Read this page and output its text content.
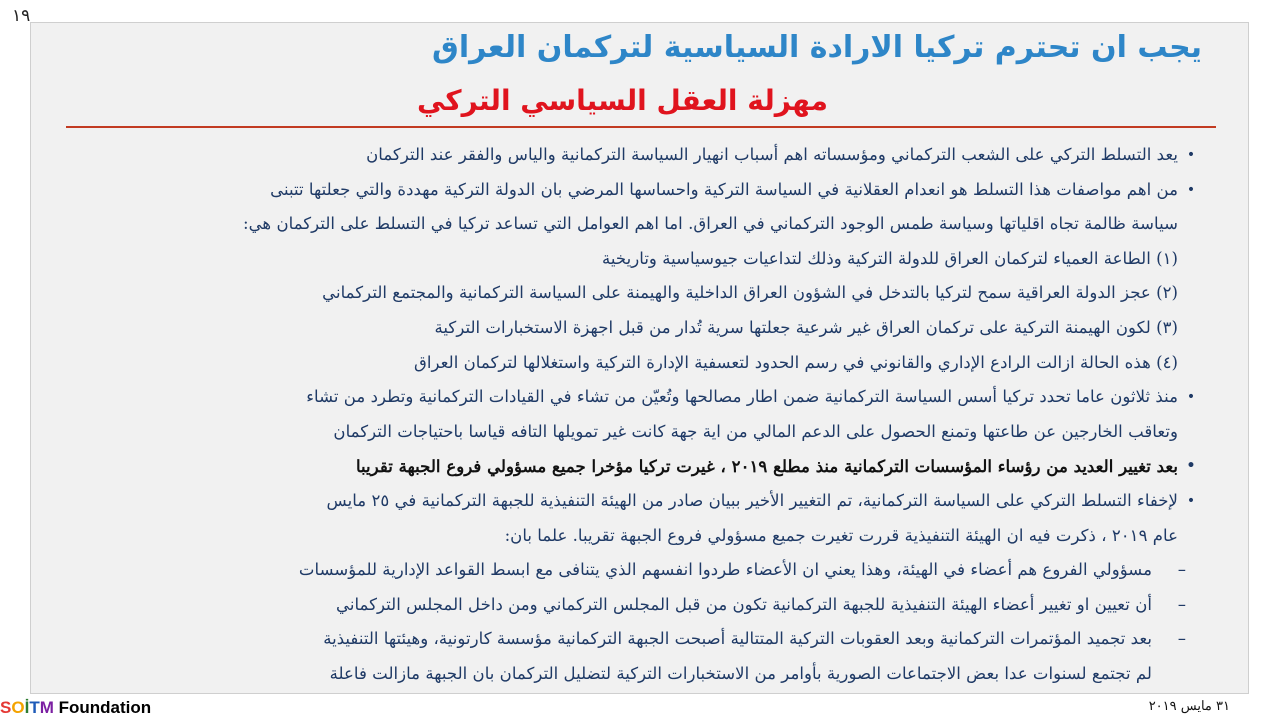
١٩
يجب ان تحترم تركيا الارادة السياسية لتركمان العراق
مهزلة العقل السياسي التركي
•
يعد التسلط التركي على الشعب التركماني ومؤسساته اهم أسباب انهيار السياسة التركمانية والياس والفقر عند التركمان
•
من اهم مواصفات هذا التسلط هو انعدام العقلانية في السياسة التركية واحساسها المرضي بان الدولة التركية مهددة والتي جعلتها تتبنى
سياسة ظالمة تجاه اقلياتها وسياسة طمس الوجود التركماني في العراق. اما اهم العوامل التي تساعد تركيا في التسلط على التركمان هي:
(١) الطاعة العمياء لتركمان العراق للدولة التركية وذلك لتداعيات جيوسياسية وتاريخية
(٢) عجز الدولة العراقية سمح لتركيا بالتدخل في الشؤون العراق الداخلية والهيمنة على السياسة التركمانية والمجتمع التركماني
(٣) لكون الهيمنة التركية على تركمان العراق غير شرعية جعلتها سرية تُدار من قبل اجهزة الاستخبارات التركية
(٤) هذه الحالة ازالت الرادع الإداري والقانوني في رسم الحدود لتعسفية الإدارة التركية واستغلالها لتركمان العراق
•
منذ ثلاثون عاما تحدد تركيا أسس السياسة التركمانية ضمن اطار مصالحها وتُعيّن من تشاء في القيادات التركمانية وتطرد من تشاء
وتعاقب الخارجين عن طاعتها وتمنع الحصول على الدعم المالي من اية جهة كانت غير تمويلها التافه قياسا باحتياجات التركمان
•
بعد تغيير العديد من رؤساء المؤسسات التركمانية منذ مطلع ٢٠١٩ ، غيرت تركيا مؤخرا جميع مسؤولي فروع الجبهة تقريبا
•
لإخفاء التسلط التركي على السياسة التركمانية، تم التغيير الأخير ببيان صادر من الهيئة التنفيذية للجبهة التركمانية في ٢٥ مايس
عام ٢٠١٩ ، ذكرت فيه ان الهيئة التنفيذية قررت تغيرت جميع مسؤولي فروع الجبهة تقريبا. علما بان:
–
مسؤولي الفروع هم أعضاء في الهيئة، وهذا يعني ان الأعضاء طردوا انفسهم الذي يتنافى مع ابسط القواعد الإدارية للمؤسسات
–
أن تعيين او تغيير أعضاء الهيئة التنفيذية للجبهة التركمانية تكون من قبل المجلس التركماني ومن داخل المجلس التركماني
–
بعد تجميد المؤتمرات التركمانية وبعد العقوبات التركية المتتالية أصبحت الجبهة التركمانية مؤسسة كارتونية، وهيئتها التنفيذية
لم تجتمع لسنوات عدا بعض الاجتماعات الصورية بأوامر من الاستخبارات التركية لتضليل التركمان بان الجبهة مازالت فاعلة
SOİTM Foundation	٣١ مايس ٢٠١٩
